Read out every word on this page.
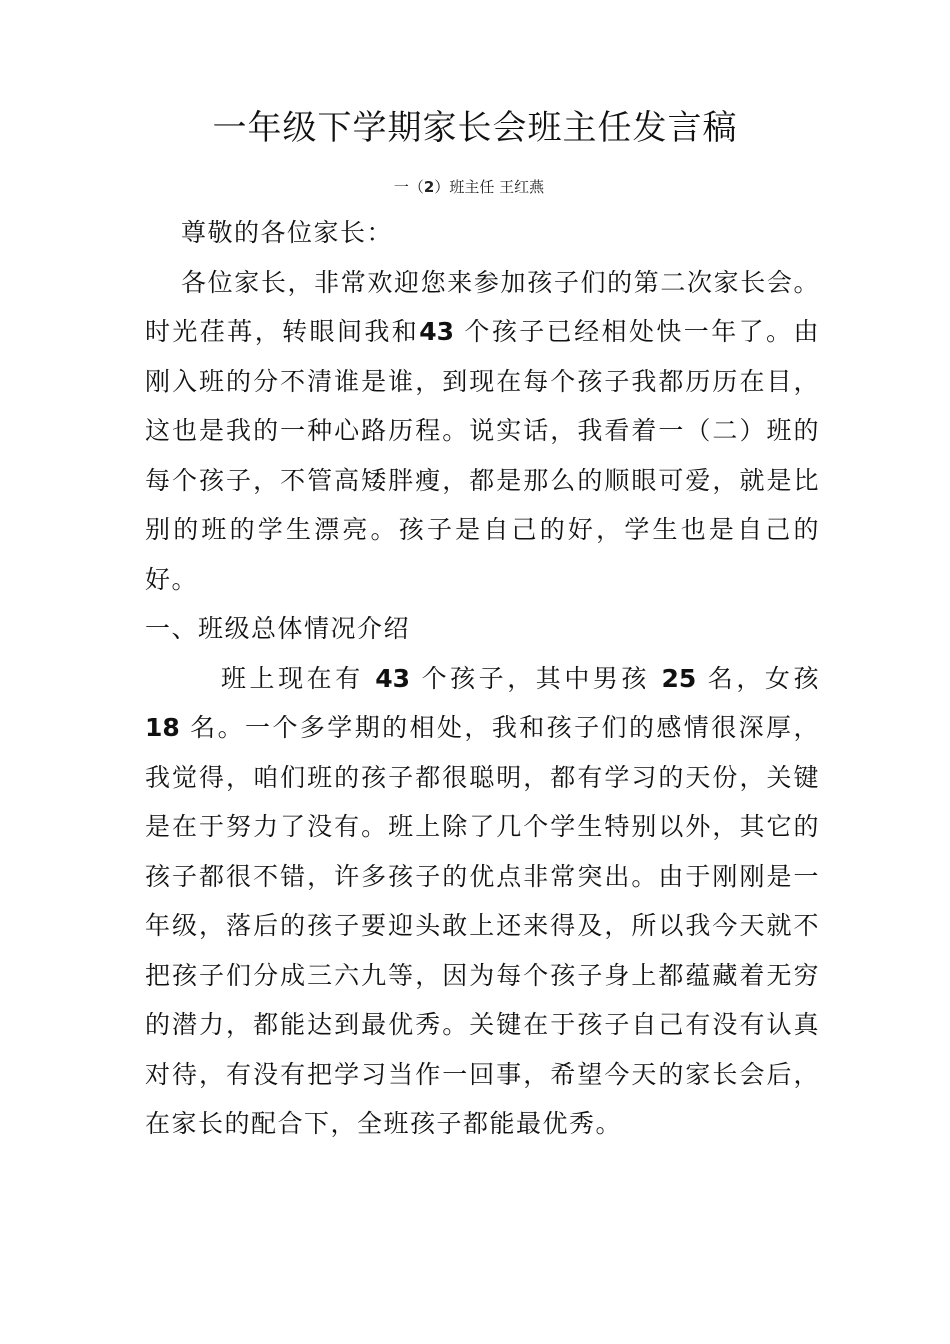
一年级下学期家长会班主任发言稿
一（2）班主任 王红燕

尊敬的各位家长：

各位家长，非常欢迎您来参加孩子们的第二次家长会。时光荏苒，转眼间我和43 个孩子已经相处快一年了。由刚入班的分不清谁是谁，到现在每个孩子我都历历在目，这也是我的一种心路历程。说实话，我看着一（二）班的每个孩子，不管高矮胖瘦，都是那么的顺眼可爱，就是比别的班的学生漂亮。孩子是自己的好，学生也是自己的好。

一、班级总体情况介绍

班上现在有 43 个孩子，其中男孩 25 名，女孩 18 名。一个多学期的相处，我和孩子们的感情很深厚，我觉得，咱们班的孩子都很聪明，都有学习的天份，关键是在于努力了没有。班上除了几个学生特别以外，其它的孩子都很不错，许多孩子的优点非常突出。由于刚刚是一年级，落后的孩子要迎头敢上还来得及，所以我今天就不把孩子们分成三六九等，因为每个孩子身上都蕴藏着无穷的潜力，都能达到最优秀。关键在于孩子自己有没有认真对待，有没有把学习当作一回事，希望今天的家长会后，在家长的配合下，全班孩子都能最优秀。
